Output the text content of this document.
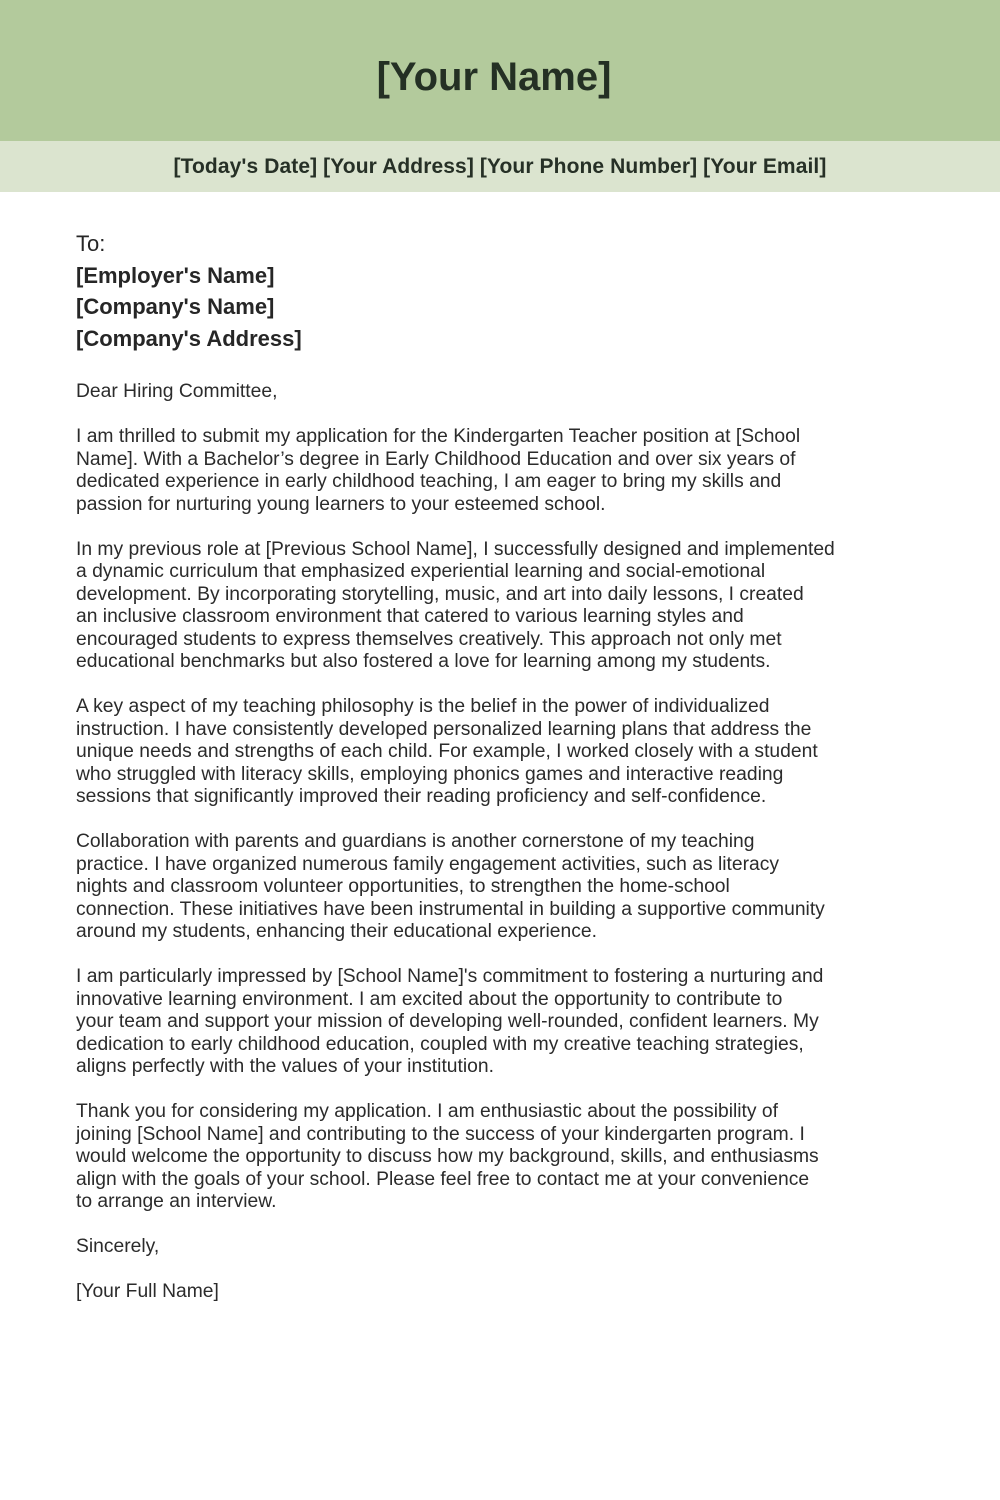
[Your Name]
[Today's Date] [Your Address] [Your Phone Number] [Your Email]
To:
[Employer's Name]
[Company's Name]
[Company's Address]

Dear Hiring Committee,

I am thrilled to submit my application for the Kindergarten Teacher position at [School
Name]. With a Bachelor’s degree in Early Childhood Education and over six years of
dedicated experience in early childhood teaching, I am eager to bring my skills and
passion for nurturing young learners to your esteemed school.

In my previous role at [Previous School Name], I successfully designed and implemented
a dynamic curriculum that emphasized experiential learning and social-emotional
development. By incorporating storytelling, music, and art into daily lessons, I created
an inclusive classroom environment that catered to various learning styles and
encouraged students to express themselves creatively. This approach not only met
educational benchmarks but also fostered a love for learning among my students.

A key aspect of my teaching philosophy is the belief in the power of individualized
instruction. I have consistently developed personalized learning plans that address the
unique needs and strengths of each child. For example, I worked closely with a student
who struggled with literacy skills, employing phonics games and interactive reading
sessions that significantly improved their reading proficiency and self-confidence.

Collaboration with parents and guardians is another cornerstone of my teaching
practice. I have organized numerous family engagement activities, such as literacy
nights and classroom volunteer opportunities, to strengthen the home-school
connection. These initiatives have been instrumental in building a supportive community
around my students, enhancing their educational experience.

I am particularly impressed by [School Name]'s commitment to fostering a nurturing and
innovative learning environment. I am excited about the opportunity to contribute to
your team and support your mission of developing well-rounded, confident learners. My
dedication to early childhood education, coupled with my creative teaching strategies,
aligns perfectly with the values of your institution.

Thank you for considering my application. I am enthusiastic about the possibility of
joining [School Name] and contributing to the success of your kindergarten program. I
would welcome the opportunity to discuss how my background, skills, and enthusiasms
align with the goals of your school. Please feel free to contact me at your convenience
to arrange an interview.

Sincerely,

[Your Full Name]
